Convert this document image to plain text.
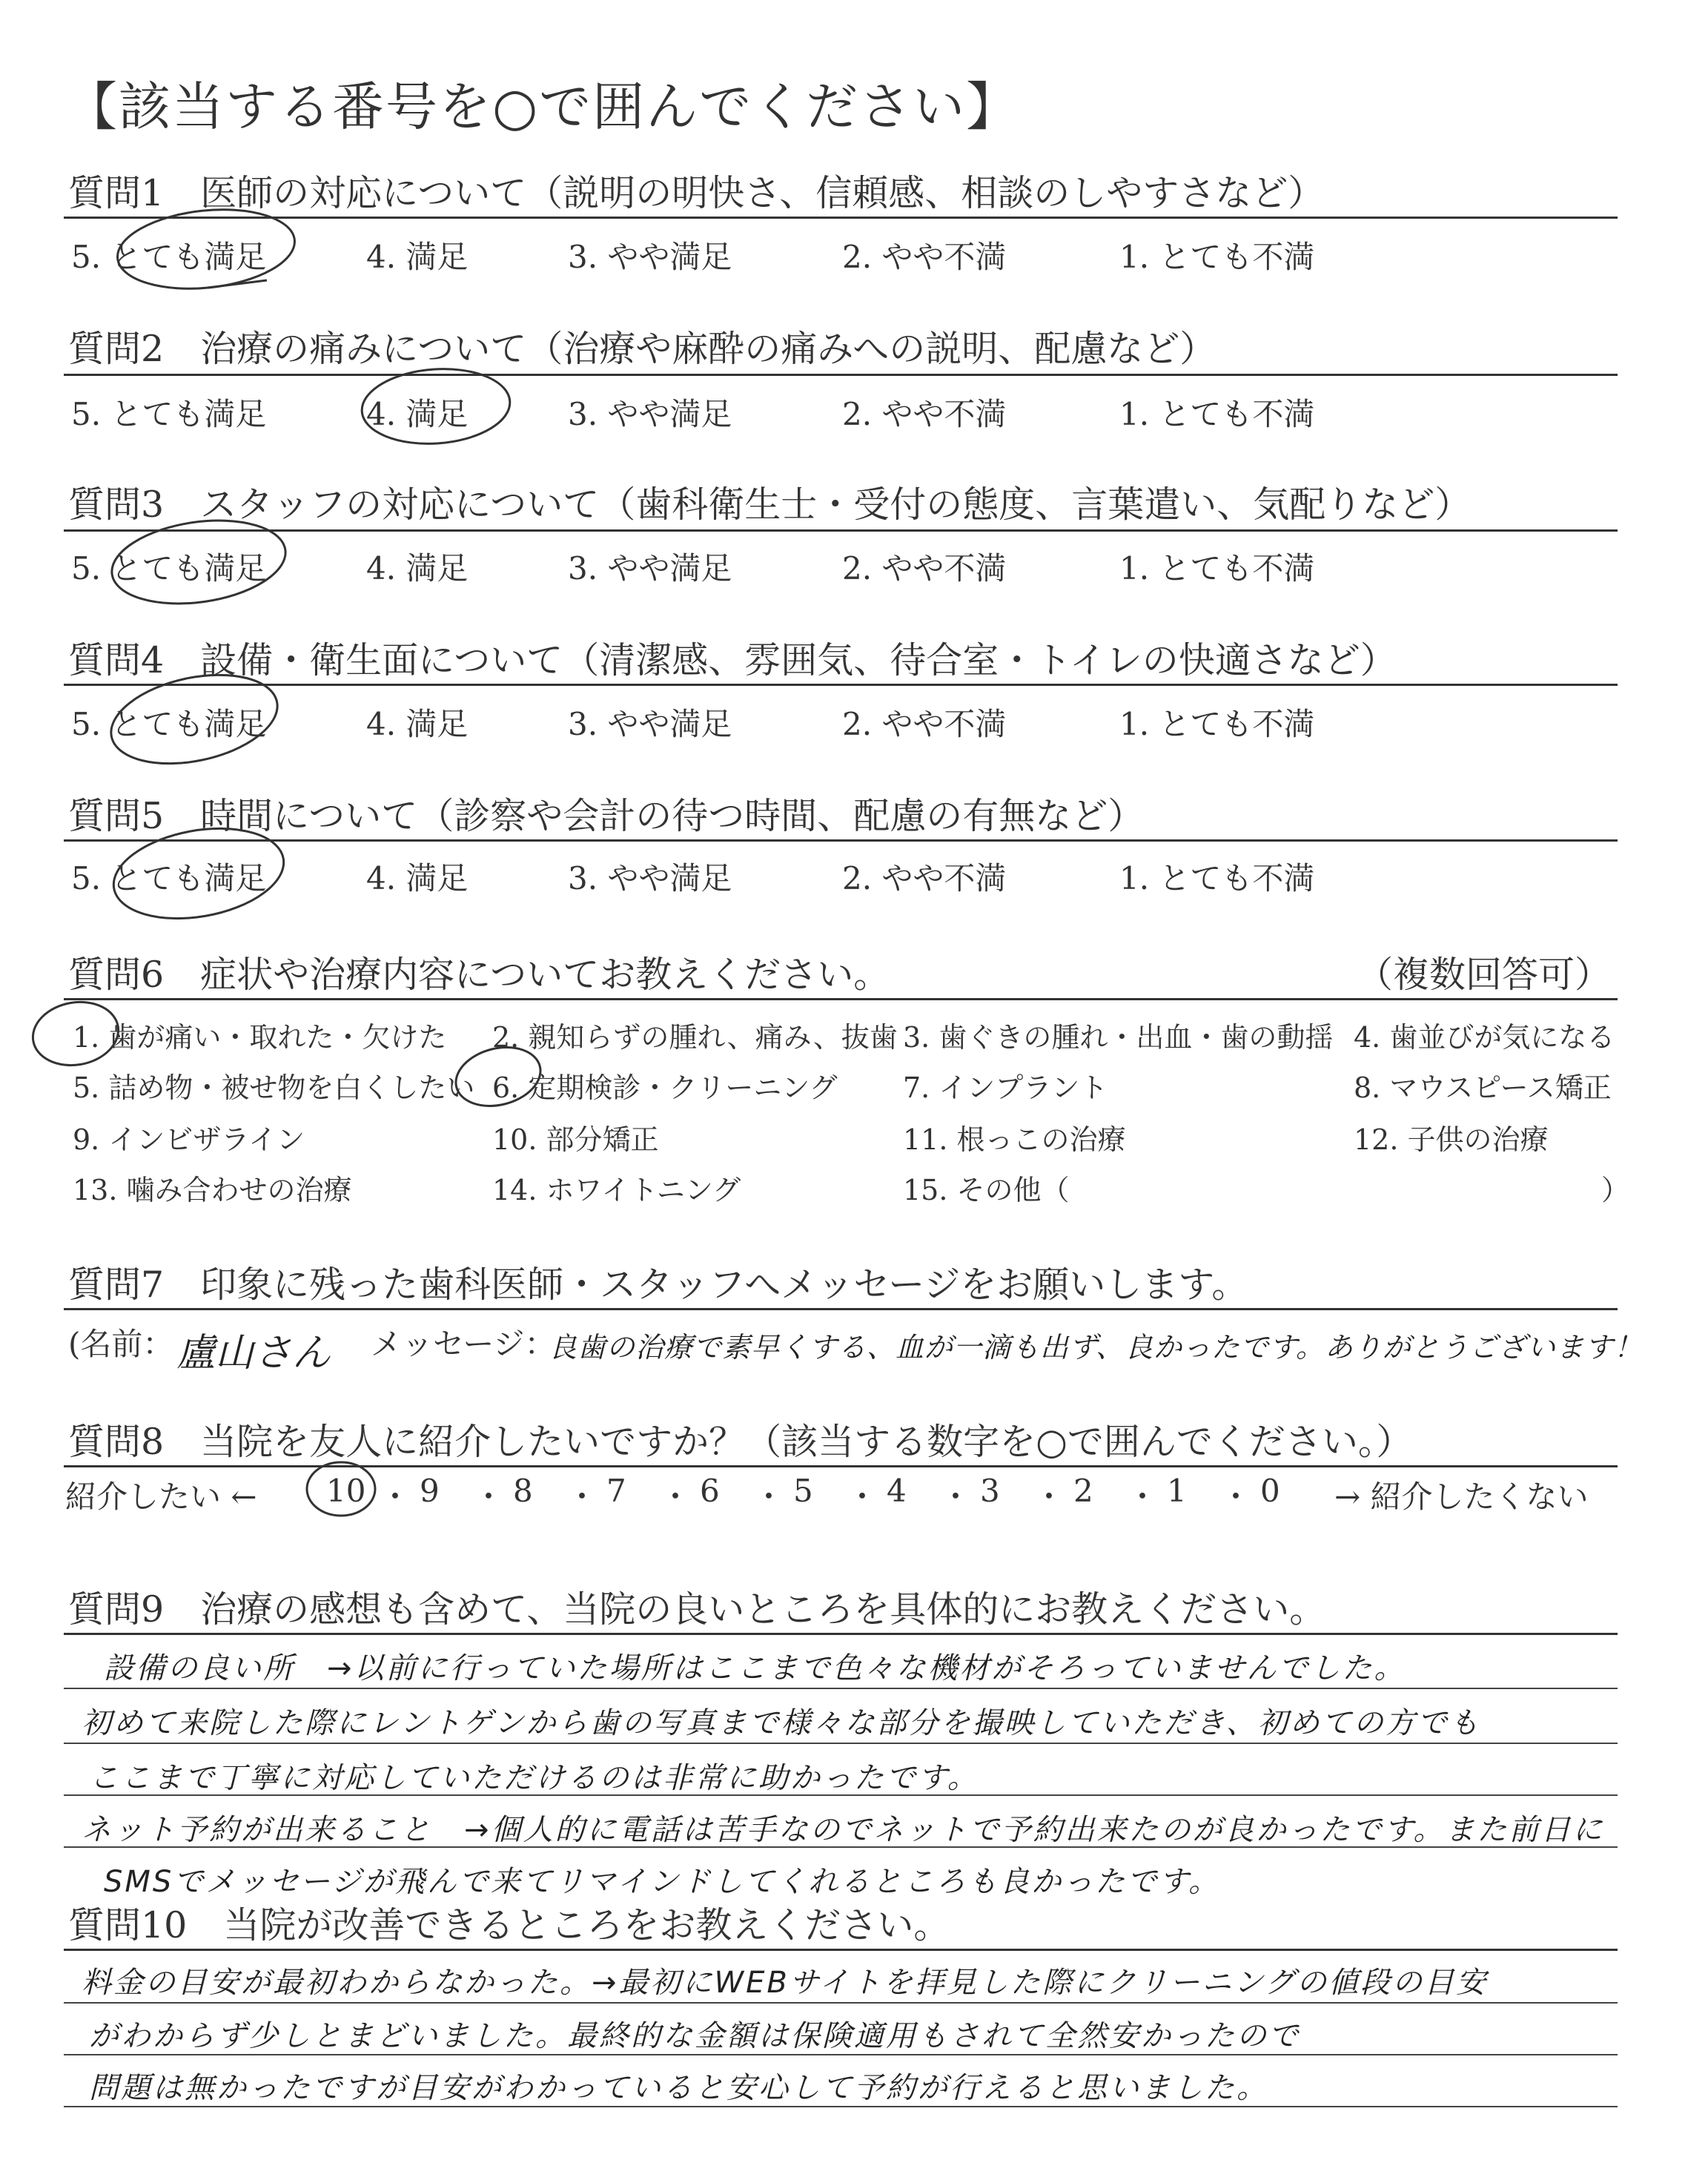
【該当する番号を○で囲んでください】
質問1　医師の対応について（説明の明快さ、信頼感、相談のしやすさなど）
5. とても満足	4. 満足	3. やや満足	2. やや不満	1. とても不満
質問2　治療の痛みについて（治療や麻酔の痛みへの説明、配慮など）
5. とても満足	4. 満足	3. やや満足	2. やや不満	1. とても不満
質問3　スタッフの対応について（歯科衛生士・受付の態度、言葉遣い、気配りなど）
5. とても満足	4. 満足	3. やや満足	2. やや不満	1. とても不満
質問4　設備・衛生面について（清潔感、雰囲気、待合室・トイレの快適さなど）
5. とても満足	4. 満足	3. やや満足	2. やや不満	1. とても不満
質問5　時間について（診察や会計の待つ時間、配慮の有無など）
5. とても満足	4. 満足	3. やや満足	2. やや不満	1. とても不満
質問6　症状や治療内容についてお教えください。	（複数回答可）
1. 歯が痛い・取れた・欠けた 2. 親知らずの腫れ、痛み、抜歯 3. 歯ぐきの腫れ・出血・歯の動揺 4. 歯並びが気になる
5. 詰め物・被せ物を白くしたい 6. 定期検診・クリーニング 7. インプラント	8. マウスピース矯正
9. インビザライン	10. 部分矯正	11. 根っこの治療	12. 子供の治療
13. 噛み合わせの治療	14. ホワイトニング	15. その他（	）
質問7　印象に残った歯科医師・スタッフへメッセージをお願いします。
(名前： 盧山さん メッセージ：
良歯の治療で素早くする、血が一滴も出ず、良かったです。ありがとうございます！
質問8　当院を友人に紹介したいですか？（該当する数字を○で囲んでください。）
紹介したい ←	→ 紹介したくない
10 ・ 9 ・ 8 ・ 7 ・ 6 ・ 5 ・ 4 ・ 3 ・ 2 ・ 1 ・ 0
質問9　治療の感想も含めて、当院の良いところを具体的にお教えください。
設備の良い所　→以前に行っていた場所はここまで色々な機材がそろっていませんでした。
初めて来院した際にレントゲンから歯の写真まで様々な部分を撮映していただき、初めての方でも
ここまで丁寧に対応していただけるのは非常に助かったです。
ネット予約が出来ること　→個人的に電話は苦手なのでネットで予約出来たのが良かったです。また前日に
SMSでメッセージが飛んで来てリマインドしてくれるところも良かったです。
質問10　当院が改善できるところをお教えください。
料金の目安が最初わからなかった。→最初にWEBサイトを拝見した際にクリーニングの値段の目安
がわからず少しとまどいました。最終的な金額は保険適用もされて全然安かったので
問題は無かったですが目安がわかっていると安心して予約が行えると思いました。
